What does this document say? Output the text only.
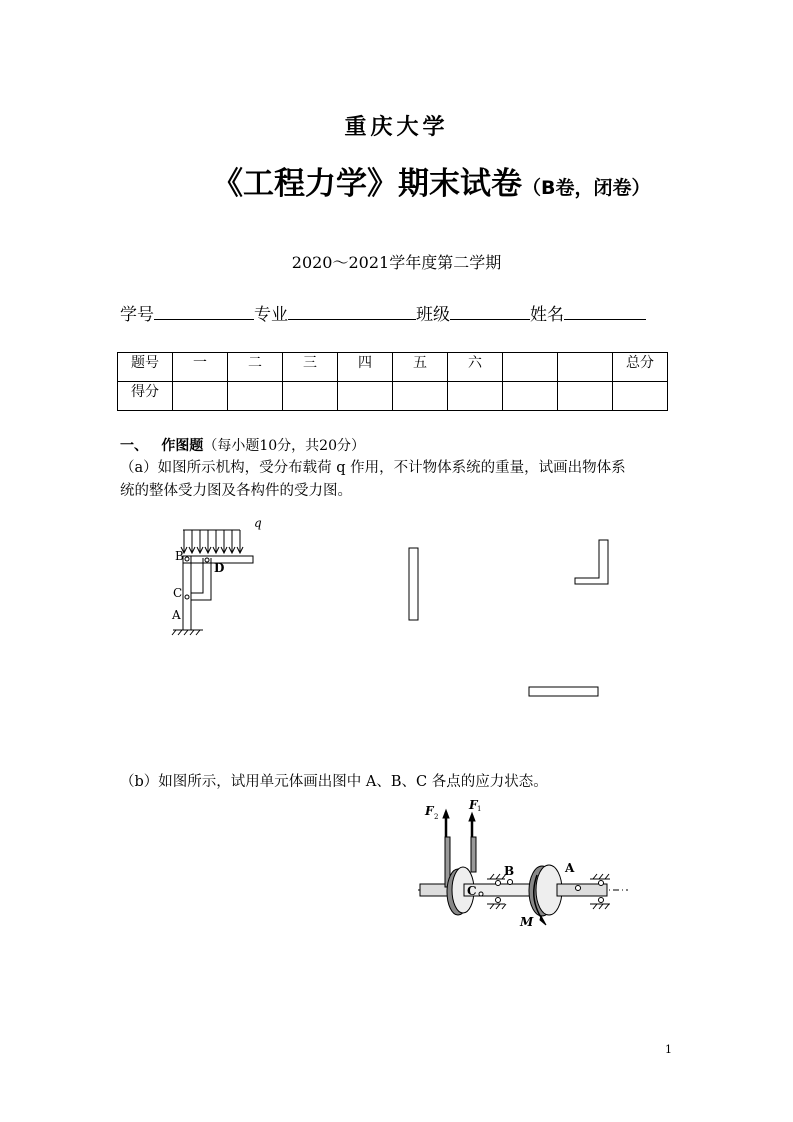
重庆大学
《工程力学》期末试卷（B卷，闭卷）
2020～2021学年度第二学期
学号	专业	班级	姓名
题号	一	二	三	四	五	六			总分
得分									
一、 作图题（每小题10分，共20分）
（a）如图所示机构，受分布载荷 q 作用，不计物体系统的重量，试画出物体系
统的整体受力图及各构件的受力图。
q
B
D
C
A
（b）如图所示，试用单元体画出图中 A、B、C 各点的应力状态。
F 2
F 1
B	A
C
M
1
